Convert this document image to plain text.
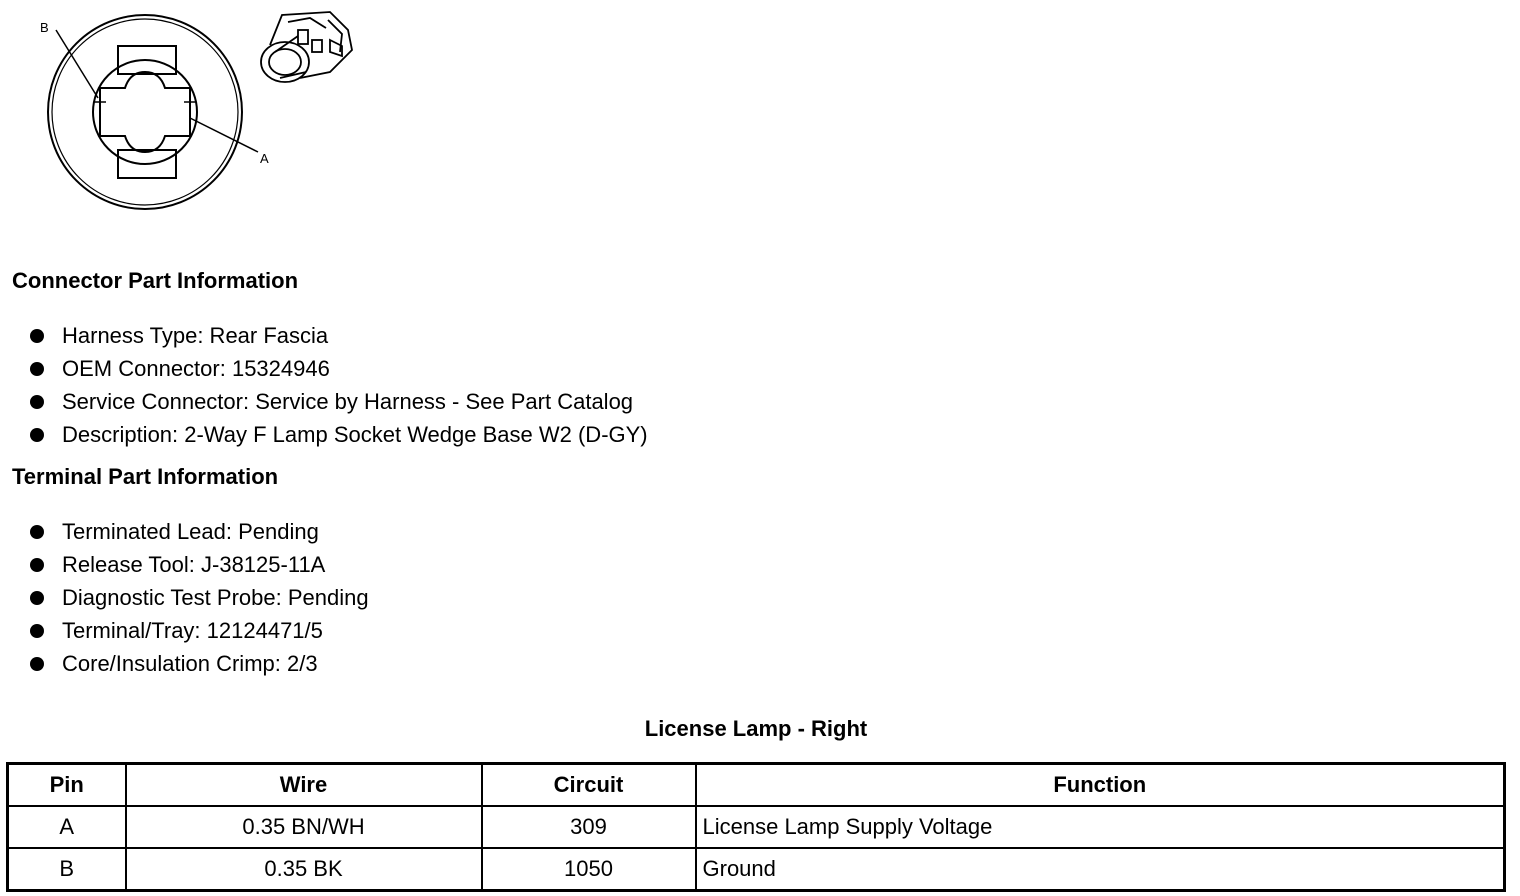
B
A
Connector Part Information
Harness Type: Rear Fascia
OEM Connector: 15324946
Service Connector: Service by Harness - See Part Catalog
Description: 2-Way F Lamp Socket Wedge Base W2 (D-GY)
Terminal Part Information
Terminated Lead: Pending
Release Tool: J-38125-11A
Diagnostic Test Probe: Pending
Terminal/Tray: 12124471/5
Core/Insulation Crimp: 2/3
License Lamp - Right
Pin	Wire	Circuit	Function
A	0.35 BN/WH	309	License Lamp Supply Voltage
B	0.35 BK	1050	Ground
